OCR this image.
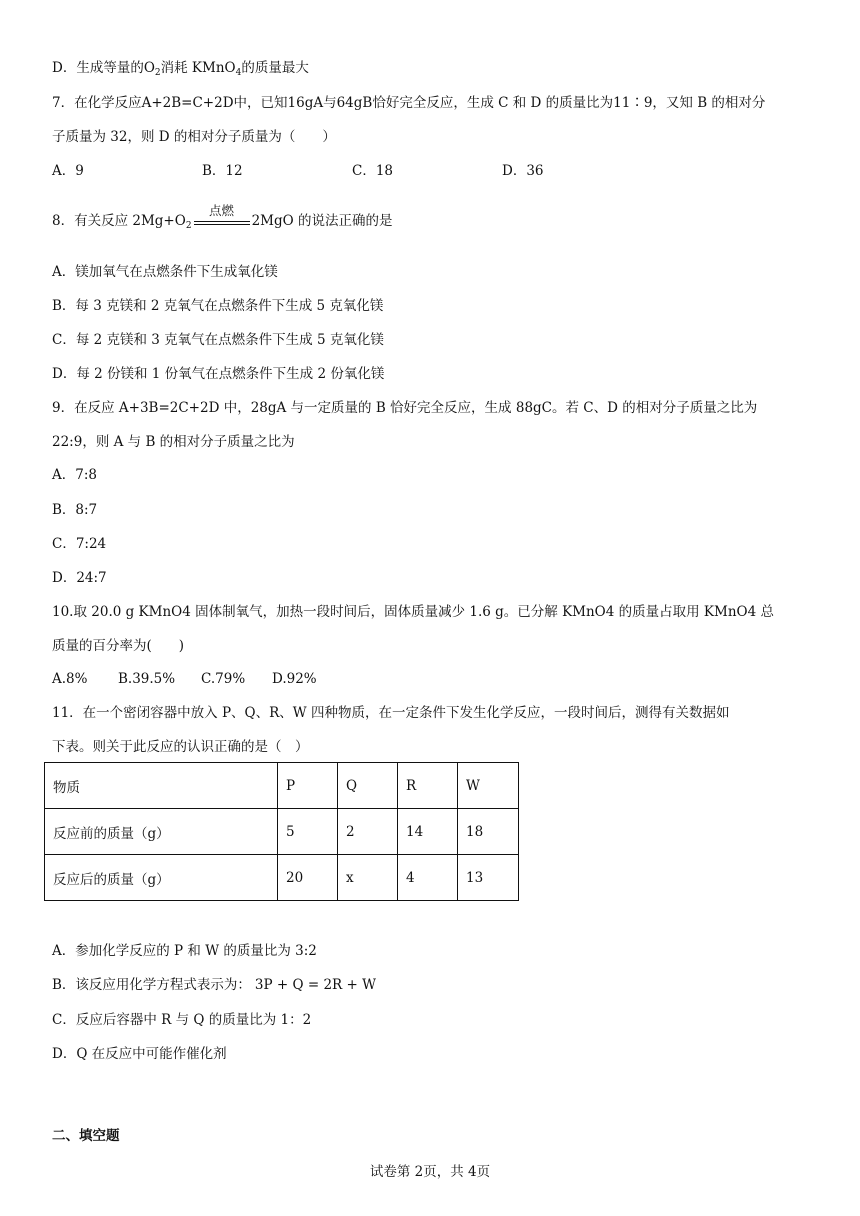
D．生成等量的$O_2$消耗 KMnO$_4$的质量最大
7．在化学反应A+2B=C+2D中，已知16gA与64gB恰好完全反应，生成 C 和 D 的质量比为11∶9，又知 B 的相对分
子质量为 32，则 D 的相对分子质量为（　　）
A．9	B．12	C．18	D．36
8．有关反应 $2Mg+O_2$
点燃
2MgO 的说法正确的是
A．镁加氧气在点燃条件下生成氧化镁
B．每 3 克镁和 2 克氧气在点燃条件下生成 5 克氧化镁
C．每 2 克镁和 3 克氧气在点燃条件下生成 5 克氧化镁
D．每 2 份镁和 1 份氧气在点燃条件下生成 2 份氧化镁
9．在反应 A+3B=2C+2D 中，28gA 与一定质量的 B 恰好完全反应，生成 88gC。若 C、D 的相对分子质量之比为
22:9，则 A 与 B 的相对分子质量之比为
A．7:8
B．8:7
C．7:24
D．24:7
10.取 20.0 g KMnO4 固体制氧气，加热一段时间后，固体质量减少 1.6 g。已分解 KMnO4 的质量占取用 KMnO4 总
质量的百分率为(　　)
A.8% B.39.5% C.79% D.92%
11．在一个密闭容器中放入 P、Q、R、W 四种物质，在一定条件下发生化学反应，一段时间后，测得有关数据如
下表。则关于此反应的认识正确的是（　）
物质	P	Q	R	W
反应前的质量（g）	5	2	14	18
反应后的质量（g）	20	x	4	13
A．参加化学反应的 P 和 W 的质量比为 3:2
B．该反应用化学方程式表示为： 3P + Q = 2R + W
C．反应后容器中 R 与 Q 的质量比为 1：2
D．Q 在反应中可能作催化剂
二、填空题
试卷第 2页，共 4页
